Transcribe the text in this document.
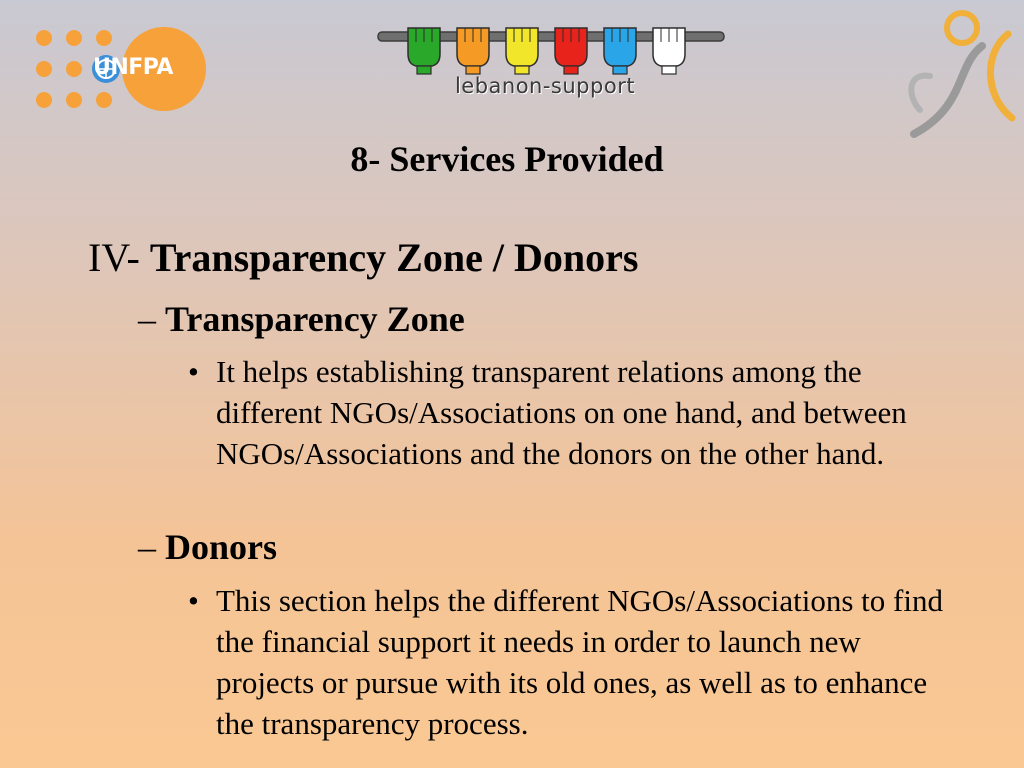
UNFPA
lebanon-support
8- Services Provided
IV- Transparency Zone / Donors
– Transparency Zone
• It helps establishing transparent relations among the different NGOs/Associations on one hand, and between NGOs/Associations and the donors on the other hand.
– Donors
• This section helps the different NGOs/Associations to find the financial support it needs in order to launch new projects or pursue with its old ones, as well as to enhance the transparency process.
